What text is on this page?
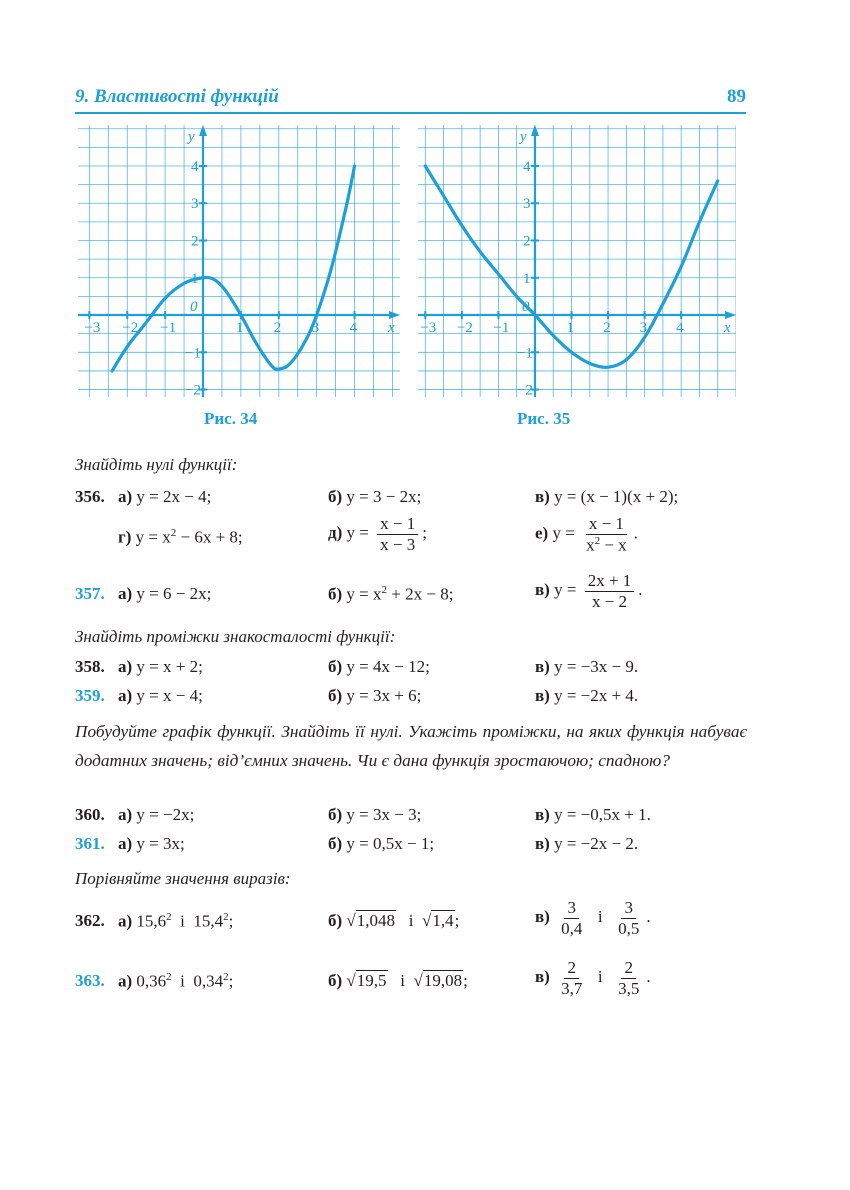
9. Властивості функцій	89
−3 −2 −1	1 2 3 4
4
3
2
1
−1
−2
0
x
y
−3 −2 −1	1 2 3 4
4
3
2
1
−1
−2
0
x
y
Рис. 34	Рис. 35
Знайдіть нулі функції:
356. а) y = 2x − 4;	б) y = 3 − 2x;	в) y = (x − 1)(x + 2);
г) $y = x^2 - 6x + 8$;	д) $y = \frac{x - 1}{x - 3}$ ;	е) $y = \frac{x - 1}{x^2 - x}$ .
357. а) y = 6 − 2x;	б) $y = x^2 + 2x - 8$;	в) $y = \frac{2x + 1}{x - 2}$ .
Знайдіть проміжки знакосталості функції:
358. а) y = x + 2;	б) y = 4x − 12;	в) y = −3x − 9.
359. а) y = x − 4;	б) y = 3x + 6;	в) y = −2x + 4.
Побудуйте графік функції. Знайдіть її нулі. Укажіть проміжки, на яких функція набуває додатних значень; від’ємних значень. Чи є дана функція зростаючою; спадною?
360. а) y = −2x;	б) y = 3x − 3;	в) y = −0,5x + 1.
361. а) y = 3x;	б) y = 0,5x − 1;	в) y = −2x − 2.
Порівняйте значення виразів:
362. а) 15,6$^2$ і 15,4$^2$;	б) √1,048 і  √1,4;	$в) \frac{3}{0,4}$ і $\frac{3}{0,5}$ .
363. а) 0,36$^2$ і 0,34$^2$;	б) √19,5 і  √19,08;	$в) \frac{2}{3,7}$ і $\frac{2}{3,5}$ .
